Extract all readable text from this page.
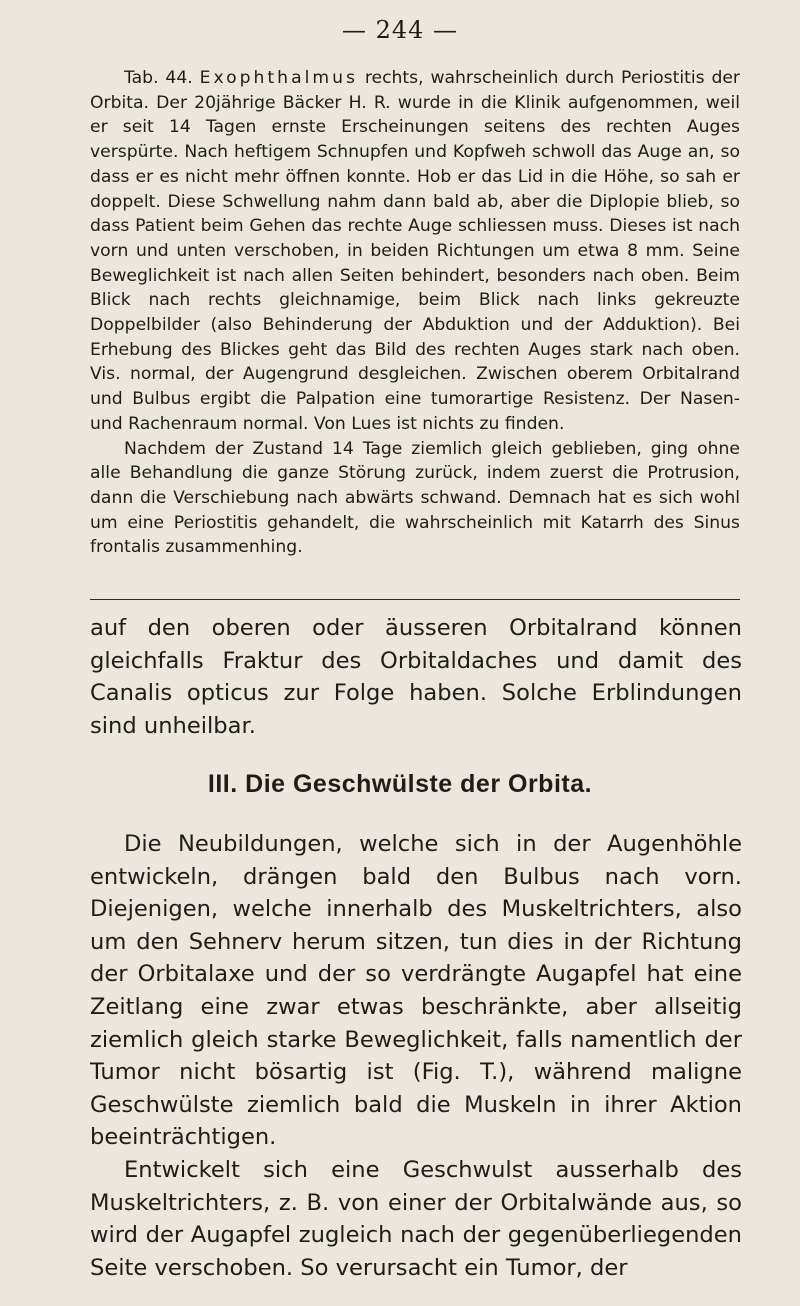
— 244 —

Tab. 44. Exophthalmus rechts, wahrscheinlich durch Periostitis der Orbita. Der 20jährige Bäcker H. R. wurde in die Klinik aufgenommen, weil er seit 14 Tagen ernste Erscheinungen seitens des rechten Auges verspürte. Nach heftigem Schnupfen und Kopfweh schwoll das Auge an, so dass er es nicht mehr öffnen konnte. Hob er das Lid in die Höhe, so sah er doppelt. Diese Schwellung nahm dann bald ab, aber die Diplopie blieb, so dass Patient beim Gehen das rechte Auge schliessen muss. Dieses ist nach vorn und unten verschoben, in beiden Richtungen um etwa 8 mm. Seine Beweglichkeit ist nach allen Seiten behindert, besonders nach oben. Beim Blick nach rechts gleichnamige, beim Blick nach links gekreuzte Doppelbilder (also Behinderung der Abduktion und der Adduktion). Bei Erhebung des Blickes geht das Bild des rechten Auges stark nach oben. Vis. normal, der Augengrund desgleichen. Zwischen oberem Orbitalrand und Bulbus ergibt die Palpation eine tumorartige Resistenz. Der Nasen- und Rachenraum normal. Von Lues ist nichts zu finden.

Nachdem der Zustand 14 Tage ziemlich gleich geblieben, ging ohne alle Behandlung die ganze Störung zurück, indem zuerst die Protrusion, dann die Verschiebung nach abwärts schwand. Demnach hat es sich wohl um eine Periostitis gehandelt, die wahrscheinlich mit Katarrh des Sinus frontalis zusammenhing.

auf den oberen oder äusseren Orbitalrand können gleichfalls Fraktur des Orbitaldaches und damit des Canalis opticus zur Folge haben. Solche Erblindungen sind unheilbar.

III. Die Geschwülste der Orbita.

Die Neubildungen, welche sich in der Augenhöhle entwickeln, drängen bald den Bulbus nach vorn. Diejenigen, welche innerhalb des Muskeltrichters, also um den Sehnerv herum sitzen, tun dies in der Richtung der Orbitalaxe und der so verdrängte Augapfel hat eine Zeitlang eine zwar etwas beschränkte, aber allseitig ziemlich gleich starke Beweglichkeit, falls namentlich der Tumor nicht bösartig ist (Fig. T.), während maligne Geschwülste ziemlich bald die Muskeln in ihrer Aktion beeinträchtigen.

Entwickelt sich eine Geschwulst ausserhalb des Muskeltrichters, z. B. von einer der Orbitalwände aus, so wird der Augapfel zugleich nach der gegenüberliegenden Seite verschoben. So verursacht ein Tumor, der
